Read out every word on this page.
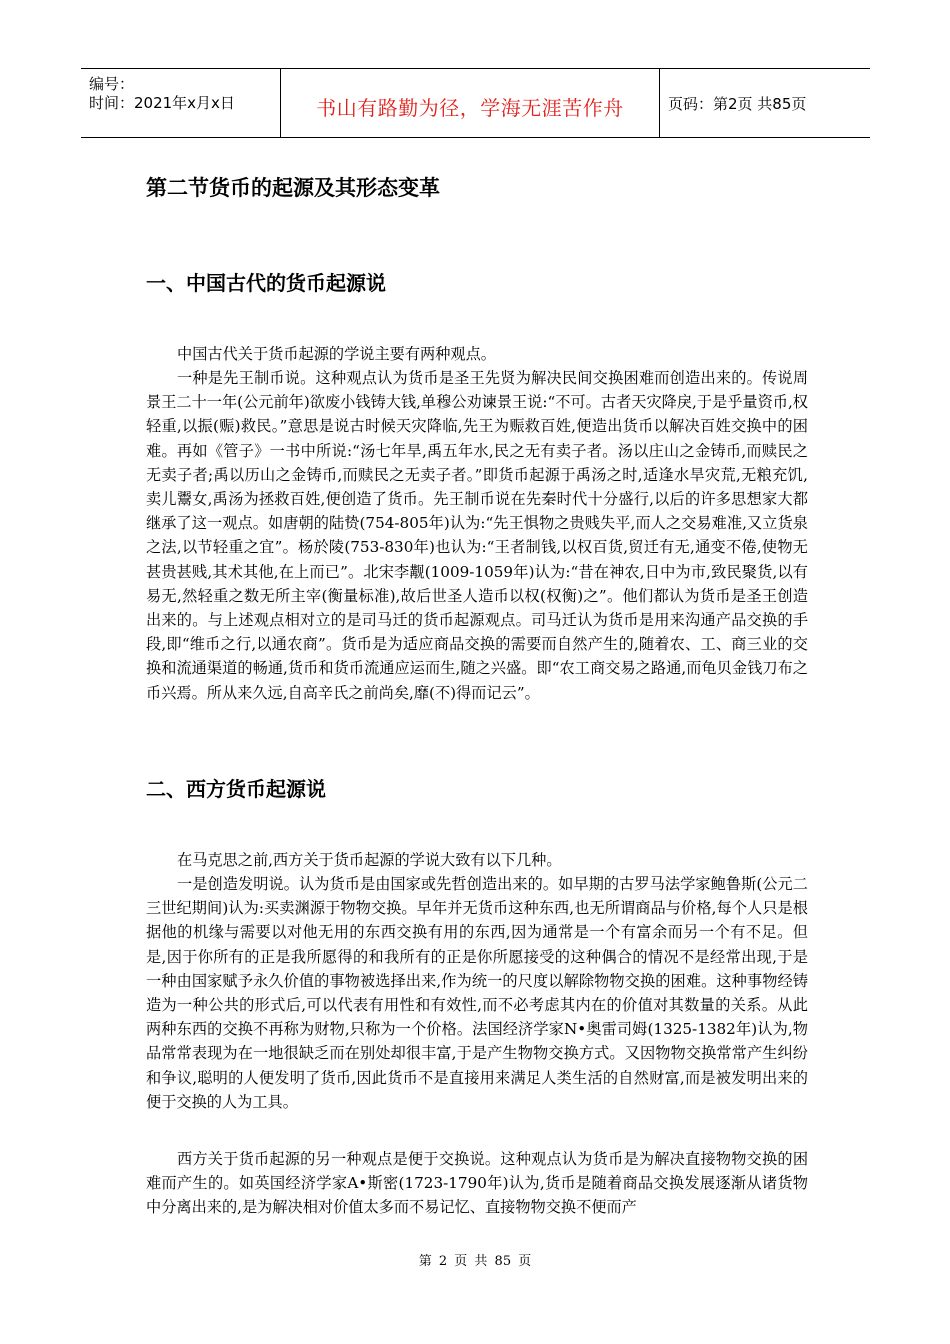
编号：
时间：2021年x月x日	书山有路勤为径，学海无涯苦作舟	页码：第2页 共85页
第二节货币的起源及其形态变革
一、中国古代的货币起源说

中国古代关于货币起源的学说主要有两种观点。

一种是先王制币说。这种观点认为货币是圣王先贤为解决民间交换困难而创造出来的。传说周景王二十一年(公元前年)欲废小钱铸大钱,单穆公劝谏景王说:“不可。古者天灾降戾,于是乎量资币,权轻重,以振(赈)救民。”意思是说古时候天灾降临,先王为赈救百姓,便造出货币以解决百姓交换中的困难。再如《管子》一书中所说:“汤七年旱,禹五年水,民之无有卖子者。汤以庄山之金铸币,而赎民之无卖子者;禹以历山之金铸币,而赎民之无卖子者。”即货币起源于禹汤之时,适逢水旱灾荒,无粮充饥,卖儿鬻女,禹汤为拯救百姓,便创造了货币。先王制币说在先秦时代十分盛行,以后的许多思想家大都继承了这一观点。如唐朝的陆贽(754-805年)认为:“先王惧物之贵贱失平,而人之交易难准,又立货泉之法,以节轻重之宜”。杨於陵(753-830年)也认为:“王者制钱,以权百货,贸迁有无,通变不倦,使物无甚贵甚贱,其术其他,在上而已”。北宋李觏(1009-1059年)认为:“昔在神农,日中为市,致民聚货,以有易无,然轻重之数无所主宰(衡量标准),故后世圣人造币以权(权衡)之”。他们都认为货币是圣王创造出来的。与上述观点相对立的是司马迁的货币起源观点。司马迁认为货币是用来沟通产品交换的手段,即“维币之行,以通农商”。货币是为适应商品交换的需要而自然产生的,随着农、工、商三业的交换和流通渠道的畅通,货币和货币流通应运而生,随之兴盛。即“农工商交易之路通,而龟贝金钱刀布之币兴焉。所从来久远,自高辛氏之前尚矣,靡(不)得而记云”。

二、西方货币起源说

在马克思之前,西方关于货币起源的学说大致有以下几种。

一是创造发明说。认为货币是由国家或先哲创造出来的。如早期的古罗马法学家鲍鲁斯(公元二三世纪期间)认为:买卖渊源于物物交换。早年并无货币这种东西,也无所谓商品与价格,每个人只是根据他的机缘与需要以对他无用的东西交换有用的东西,因为通常是一个有富余而另一个有不足。但是,因于你所有的正是我所愿得的和我所有的正是你所愿接受的这种偶合的情况不是经常出现,于是一种由国家赋予永久价值的事物被选择出来,作为统一的尺度以解除物物交换的困难。这种事物经铸造为一种公共的形式后,可以代表有用性和有效性,而不必考虑其内在的价值对其数量的关系。从此两种东西的交换不再称为财物,只称为一个价格。法国经济学家N•奥雷司姆(1325-1382年)认为,物品常常表现为在一地很缺乏而在别处却很丰富,于是产生物物交换方式。又因物物交换常常产生纠纷和争议,聪明的人便发明了货币,因此货币不是直接用来满足人类生活的自然财富,而是被发明出来的便于交换的人为工具。

西方关于货币起源的另一种观点是便于交换说。这种观点认为货币是为解决直接物物交换的困难而产生的。如英国经济学家A•斯密(1723-1790年)认为,货币是随着商品交换发展逐渐从诸货物中分离出来的,是为解决相对价值太多而不易记忆、直接物物交换不便而产

第 2 页 共 85 页
